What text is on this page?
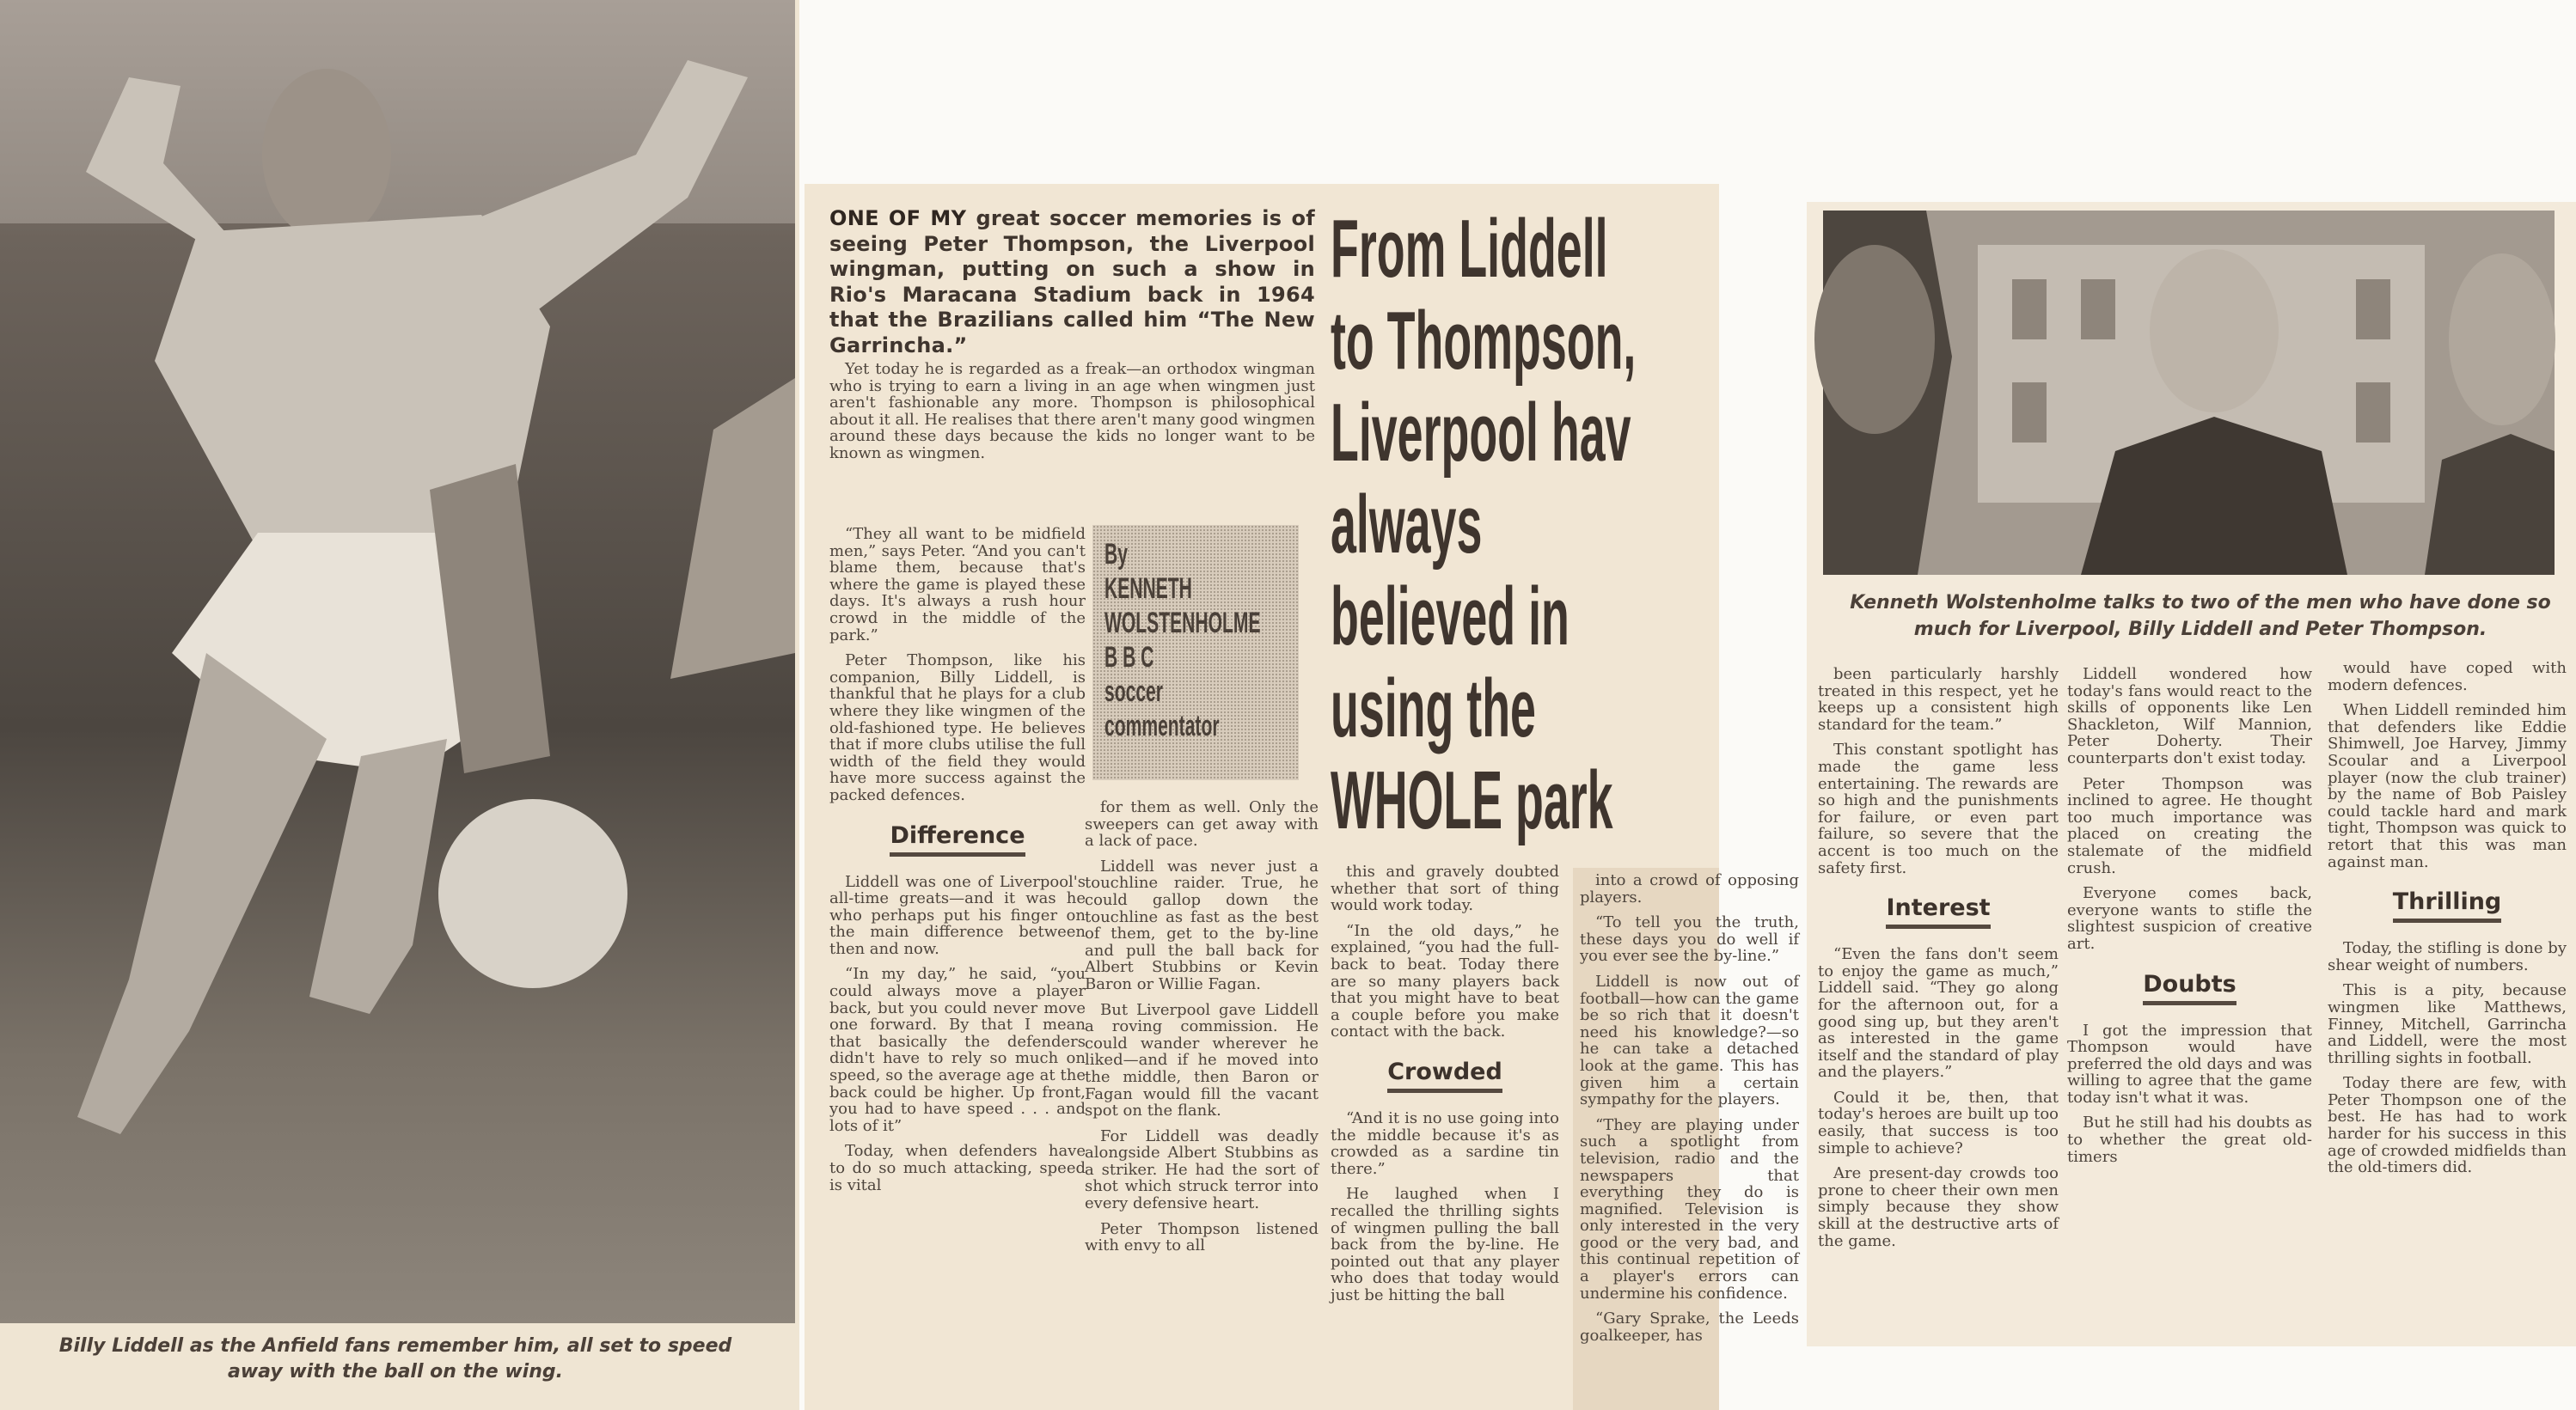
Billy Liddell as the Anfield fans remember him, all set to speed away with the ball on the wing.
ONE OF MY great soccer memories is of seeing Peter Thompson, the Liverpool wingman, putting on such a show in Rio's Maracana Stadium back in 1964 that the Brazilians called him “The New Garrincha.”

Yet today he is regarded as a freak—an orthodox wingman who is trying to earn a living in an age when wingmen just aren't fashionable any more. Thompson is philosophical about it all. He realises that there aren't many good wingmen around these days because the kids no longer want to be known as wingmen.

By
KENNETH
WOLSTENHOLME
B B C
soccer
commentator
From Liddell
to Thompson,
Liverpool hav
always
believed in
using the
WHOLE park

“They all want to be midfield men,” says Peter. “And you can't blame them, because that's where the game is played these days. It's always a rush hour crowd in the middle of the park.”

Peter Thompson, like his companion, Billy Liddell, is thankful that he plays for a club where they like wingmen of the old-fashioned type. He believes that if more clubs utilise the full width of the field they would have more success against the packed defences.

Difference

Liddell was one of Liverpool's all-time greats—and it was he who perhaps put his finger on the main difference between then and now.

“In my day,” he said, “you could always move a player back, but you could never move one forward. By that I mean that basically the defenders didn't have to rely so much on speed, so the average age at the back could be higher. Up front, you had to have speed . . . and lots of it”

Today, when defenders have to do so much attacking, speed is vital

for them as well. Only the sweepers can get away with a lack of pace.

Liddell was never just a touchline raider. True, he could gallop down the touchline as fast as the best of them, get to the by-line and pull the ball back for Albert Stubbins or Kevin Baron or Willie Fagan.

But Liverpool gave Liddell a roving commission. He could wander wherever he liked—and if he moved into the middle, then Baron or Fagan would fill the vacant spot on the flank.

For Liddell was deadly alongside Albert Stubbins as a striker. He had the sort of shot which struck terror into every defensive heart.

Peter Thompson listened with envy to all

this and gravely doubted whether that sort of thing would work today.

“In the old days,” he explained, “you had the full-back to beat. Today there are so many players back that you might have to beat a couple before you make contact with the back.

Crowded

“And it is no use going into the middle because it's as crowded as a sardine tin there.”

He laughed when I recalled the thrilling sights of wingmen pulling the ball back from the by-line. He pointed out that any player who does that today would just be hitting the ball

into a crowd of opposing players.

“To tell you the truth, these days you do well if you ever see the by-line.”

Liddell is now out of football—how can the game be so rich that it doesn't need his knowledge?—so he can take a detached look at the game. This has given him a certain sympathy for the players.

“They are playing under such a spotlight from television, radio and the newspapers that everything they do is magnified. Television is only interested in the very good or the very bad, and this continual repetition of a player's errors can undermine his confidence.

“Gary Sprake, the Leeds goalkeeper, has

Kenneth Wolstenholme talks to two of the men who have done so much for Liverpool, Billy Liddell and Peter Thompson.

been particularly harshly treated in this respect, yet he keeps up a consistent high standard for the team.”

This constant spotlight has made the game less entertaining. The rewards are so high and the punishments for failure, or even part failure, so severe that the accent is too much on the safety first.

Interest

“Even the fans don't seem to enjoy the game as much,” Liddell said. “They go along for the afternoon out, for a good sing up, but they aren't as interested in the game itself and the standard of play and the players.”

Could it be, then, that today's heroes are built up too easily, that success is too simple to achieve?

Are present-day crowds too prone to cheer their own men simply because they show skill at the destructive arts of the game.

Liddell wondered how today's fans would react to the skills of opponents like Len Shackleton, Wilf Mannion, Peter Doherty. Their counterparts don't exist today.

Peter Thompson was inclined to agree. He thought too much importance was placed on creating the stalemate of the midfield crush.

Everyone comes back, everyone wants to stifle the slightest suspicion of creative art.

Doubts

I got the impression that Thompson would have preferred the old days and was willing to agree that the game today isn't what it was.

But he still had his doubts as to whether the great old-timers

would have coped with modern defences.

When Liddell reminded him that defenders like Eddie Shimwell, Joe Harvey, Jimmy Scoular and a Liverpool player (now the club trainer) by the name of Bob Paisley could tackle hard and mark tight, Thompson was quick to retort that this was man against man.

Thrilling

Today, the stifling is done by shear weight of numbers.

This is a pity, because wingmen like Matthews, Finney, Mitchell, Garrincha and Liddell, were the most thrilling sights in football.

Today there are few, with Peter Thompson one of the best. He has had to work harder for his success in this age of crowded midfields than the old-timers did.
